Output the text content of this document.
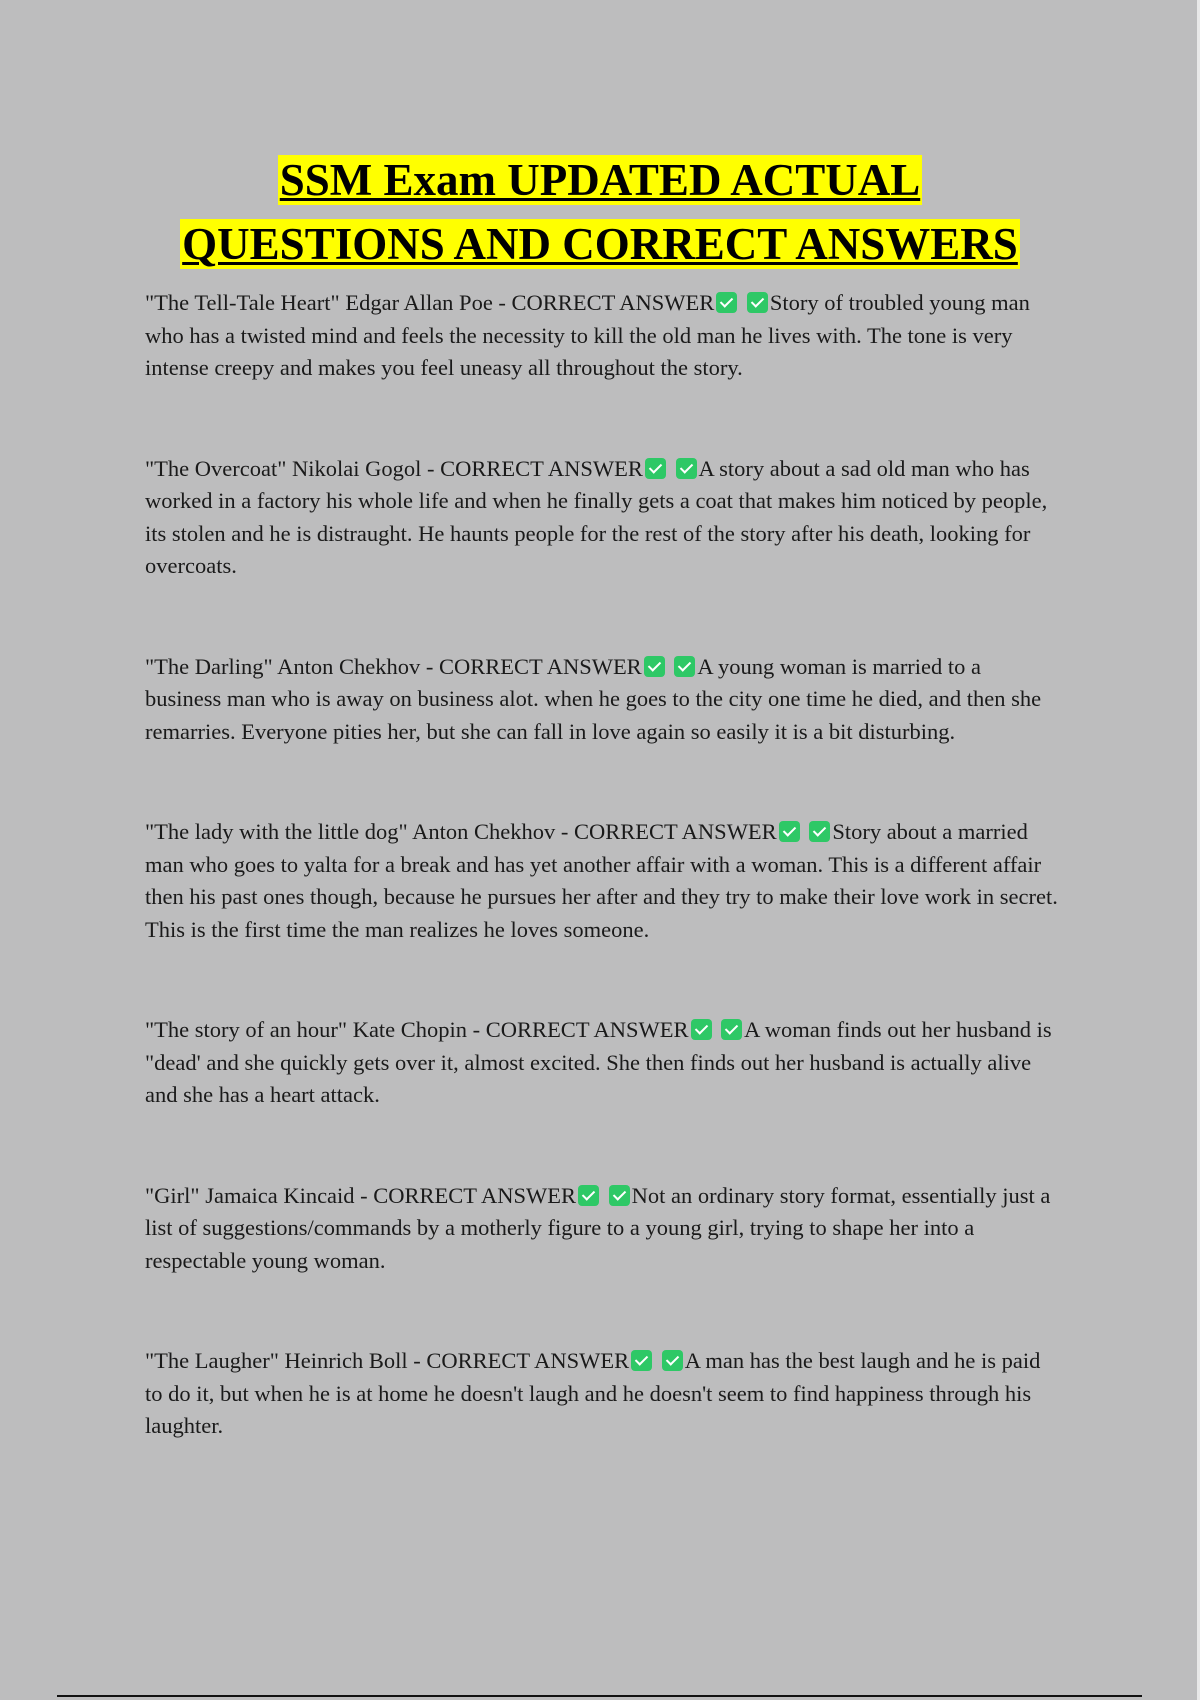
SSM Exam UPDATED ACTUAL
QUESTIONS AND CORRECT ANSWERS

"The Tell-Tale Heart" Edgar Allan Poe - CORRECT ANSWER Story of troubled young man who has a twisted mind and feels the necessity to kill the old man he lives with. The tone is very intense creepy and makes you feel uneasy all throughout the story.

"The Overcoat" Nikolai Gogol - CORRECT ANSWER A story about a sad old man who has worked in a factory his whole life and when he finally gets a coat that makes him noticed by people, its stolen and he is distraught. He haunts people for the rest of the story after his death, looking for overcoats.

"The Darling" Anton Chekhov - CORRECT ANSWER A young woman is married to a business man who is away on business alot. when he goes to the city one time he died, and then she remarries. Everyone pities her, but she can fall in love again so easily it is a bit disturbing.

"The lady with the little dog" Anton Chekhov - CORRECT ANSWER Story about a married man who goes to yalta for a break and has yet another affair with a woman. This is a different affair then his past ones though, because he pursues her after and they try to make their love work in secret. This is the first time the man realizes he loves someone.

"The story of an hour" Kate Chopin - CORRECT ANSWER A woman finds out her husband is "dead' and she quickly gets over it, almost excited. She then finds out her husband is actually alive and she has a heart attack.

"Girl" Jamaica Kincaid - CORRECT ANSWER Not an ordinary story format, essentially just a list of suggestions/commands by a motherly figure to a young girl, trying to shape her into a respectable young woman.

"The Laugher" Heinrich Boll - CORRECT ANSWER A man has the best laugh and he is paid to do it, but when he is at home he doesn't laugh and he doesn't seem to find happiness through his laughter.
